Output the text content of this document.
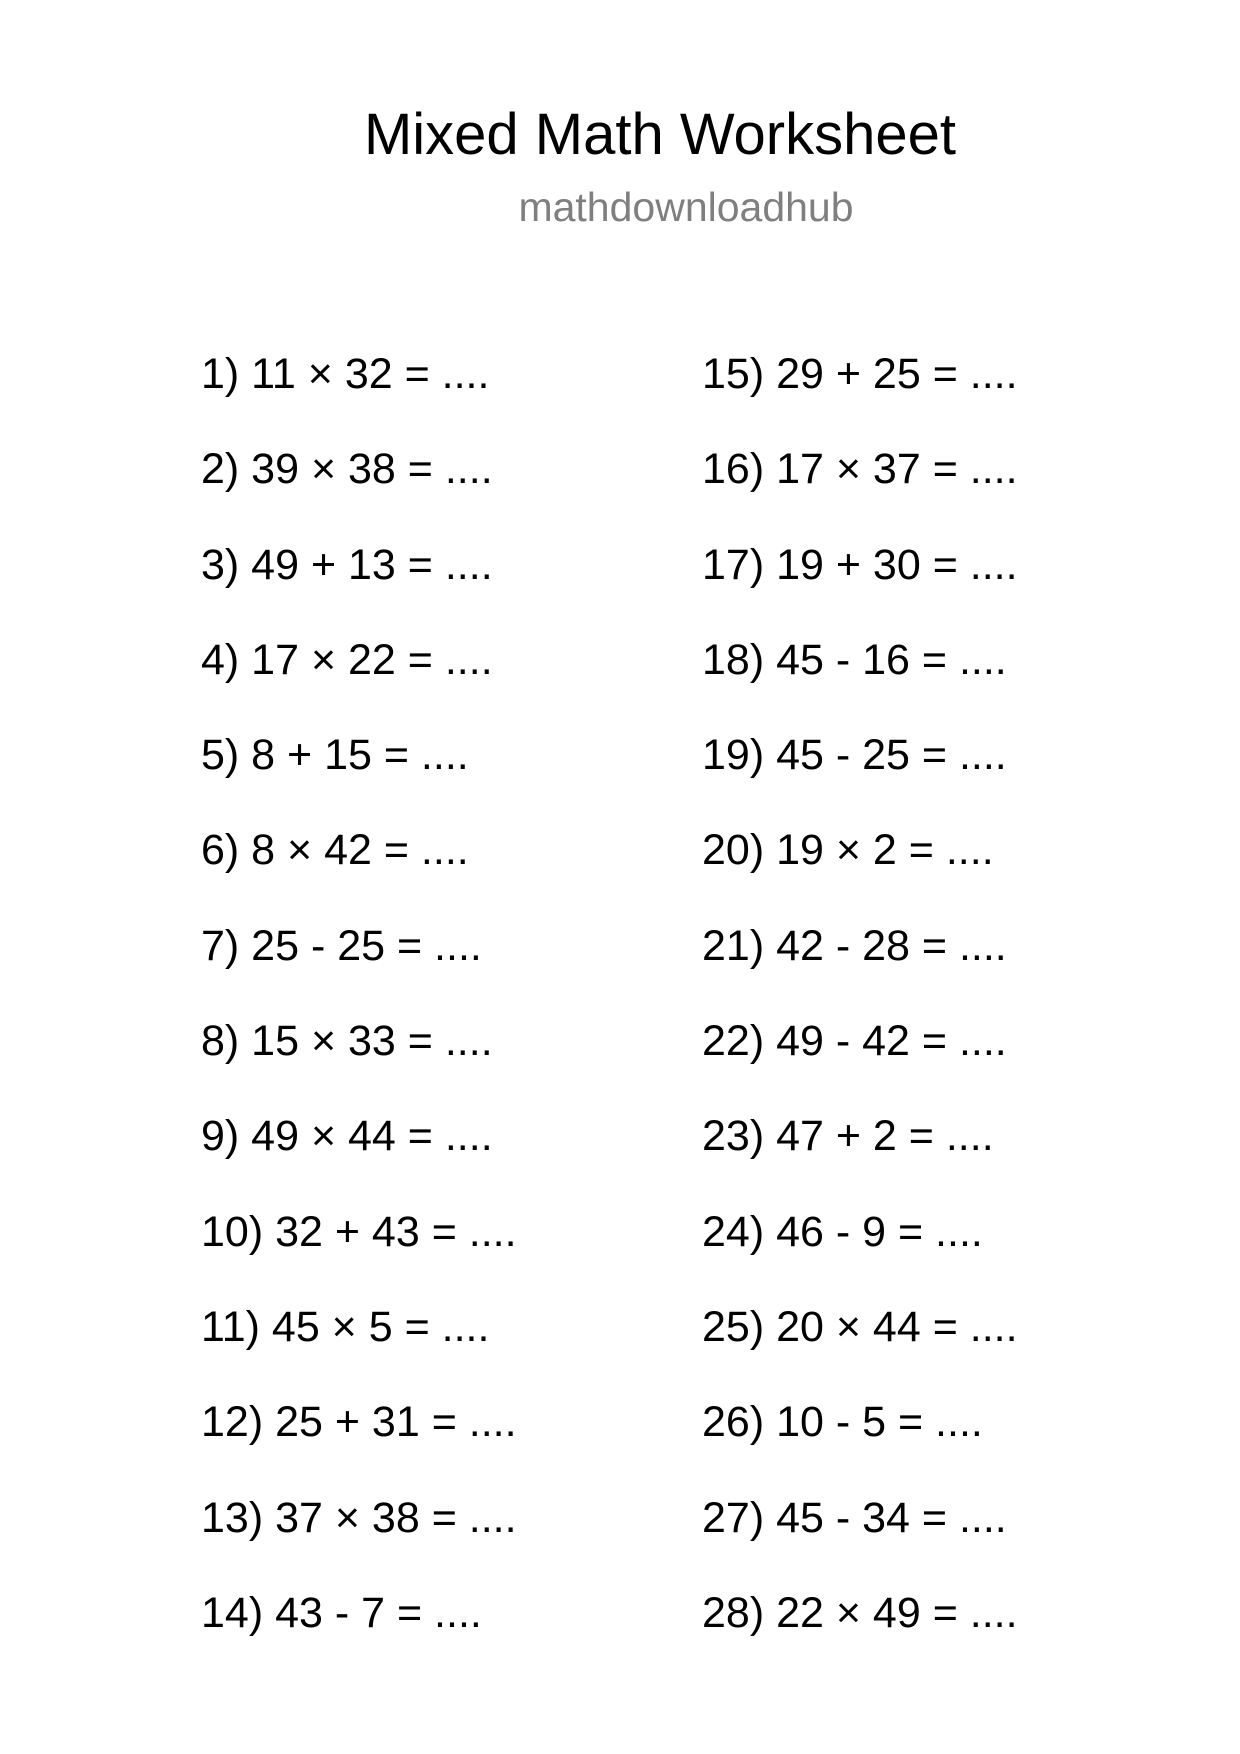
Mixed Math Worksheet

mathdownloadhub

1) 11 × 32 = ....
2) 39 × 38 = ....
3) 49 + 13 = ....
4) 17 × 22 = ....
5) 8 + 15 = ....
6) 8 × 42 = ....
7) 25 - 25 = ....
8) 15 × 33 = ....
9) 49 × 44 = ....
10) 32 + 43 = ....
11) 45 × 5 = ....
12) 25 + 31 = ....
13) 37 × 38 = ....
14) 43 - 7 = ....
15) 29 + 25 = ....
16) 17 × 37 = ....
17) 19 + 30 = ....
18) 45 - 16 = ....
19) 45 - 25 = ....
20) 19 × 2 = ....
21) 42 - 28 = ....
22) 49 - 42 = ....
23) 47 + 2 = ....
24) 46 - 9 = ....
25) 20 × 44 = ....
26) 10 - 5 = ....
27) 45 - 34 = ....
28) 22 × 49 = ....
